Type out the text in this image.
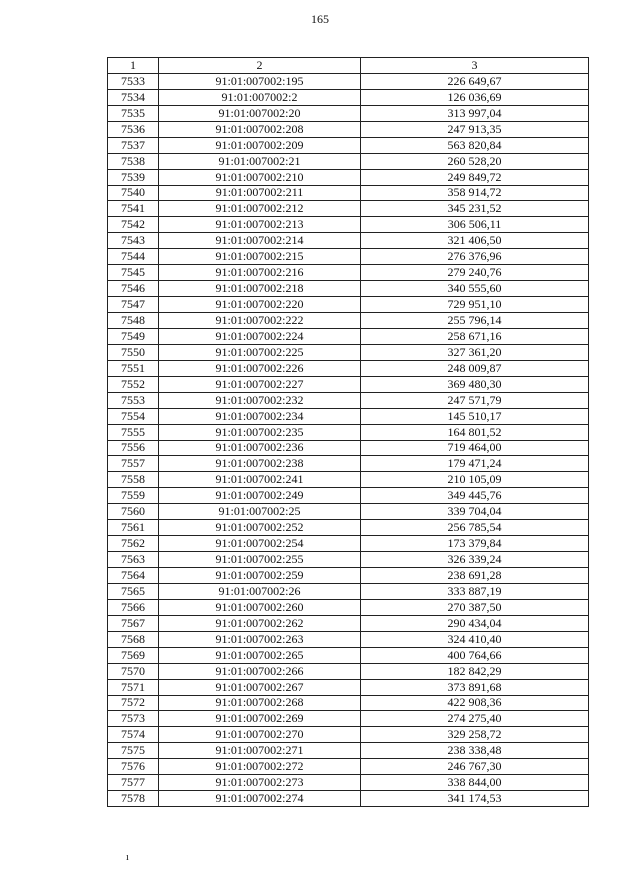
165
1	2	3
7533	91:01:007002:195	226 649,67
7534	91:01:007002:2	126 036,69
7535	91:01:007002:20	313 997,04
7536	91:01:007002:208	247 913,35
7537	91:01:007002:209	563 820,84
7538	91:01:007002:21	260 528,20
7539	91:01:007002:210	249 849,72
7540	91:01:007002:211	358 914,72
7541	91:01:007002:212	345 231,52
7542	91:01:007002:213	306 506,11
7543	91:01:007002:214	321 406,50
7544	91:01:007002:215	276 376,96
7545	91:01:007002:216	279 240,76
7546	91:01:007002:218	340 555,60
7547	91:01:007002:220	729 951,10
7548	91:01:007002:222	255 796,14
7549	91:01:007002:224	258 671,16
7550	91:01:007002:225	327 361,20
7551	91:01:007002:226	248 009,87
7552	91:01:007002:227	369 480,30
7553	91:01:007002:232	247 571,79
7554	91:01:007002:234	145 510,17
7555	91:01:007002:235	164 801,52
7556	91:01:007002:236	719 464,00
7557	91:01:007002:238	179 471,24
7558	91:01:007002:241	210 105,09
7559	91:01:007002:249	349 445,76
7560	91:01:007002:25	339 704,04
7561	91:01:007002:252	256 785,54
7562	91:01:007002:254	173 379,84
7563	91:01:007002:255	326 339,24
7564	91:01:007002:259	238 691,28
7565	91:01:007002:26	333 887,19
7566	91:01:007002:260	270 387,50
7567	91:01:007002:262	290 434,04
7568	91:01:007002:263	324 410,40
7569	91:01:007002:265	400 764,66
7570	91:01:007002:266	182 842,29
7571	91:01:007002:267	373 891,68
7572	91:01:007002:268	422 908,36
7573	91:01:007002:269	274 275,40
7574	91:01:007002:270	329 258,72
7575	91:01:007002:271	238 338,48
7576	91:01:007002:272	246 767,30
7577	91:01:007002:273	338 844,00
7578	91:01:007002:274	341 174,53
ı
